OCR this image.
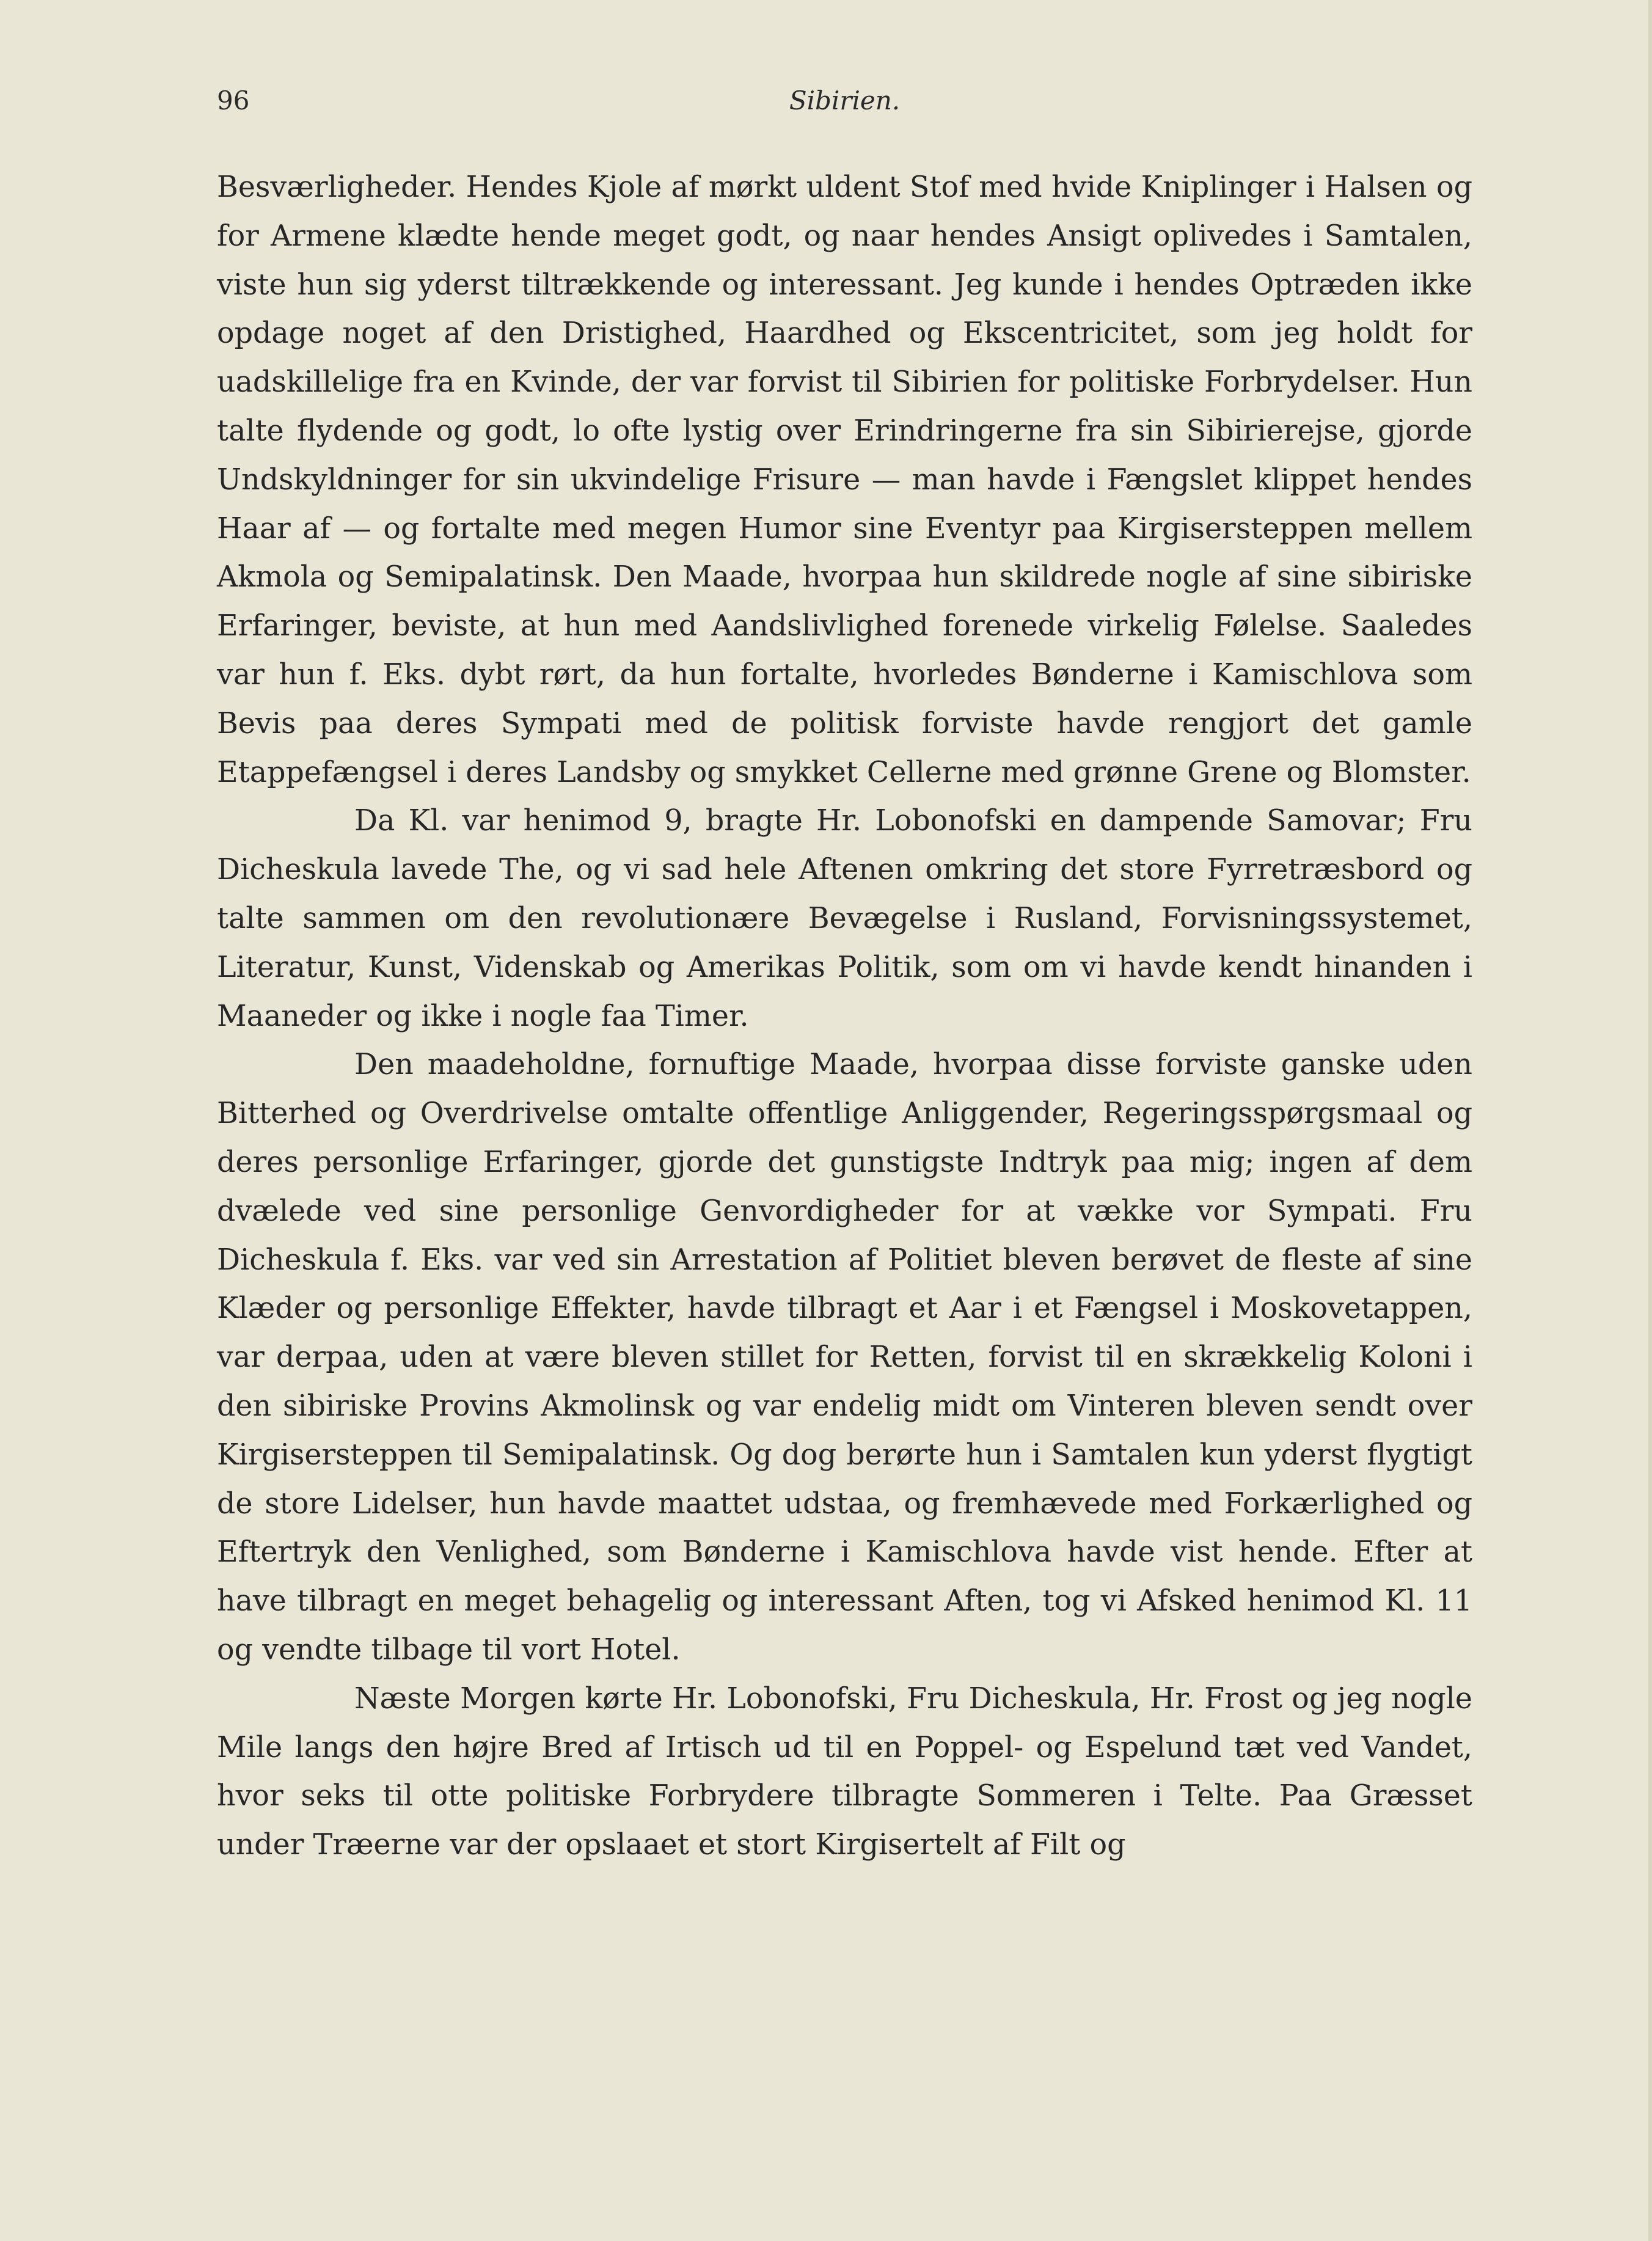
96	Sibirien.

Besværligheder. Hendes Kjole af mørkt uldent Stof med hvide Kniplinger i Halsen og for Armene klædte hende meget godt, og naar hendes Ansigt oplivedes i Samtalen, viste hun sig yderst tiltrækkende og interessant. Jeg kunde i hendes Optræden ikke opdage noget af den Dristighed, Haardhed og Ekscentricitet, som jeg holdt for uadskillelige fra en Kvinde, der var forvist til Sibirien for politiske Forbrydelser. Hun talte flydende og godt, lo ofte lystig over Erindringerne fra sin Sibirierejse, gjorde Undskyldninger for sin ukvindelige Frisure — man havde i Fængslet klippet hendes Haar af — og fortalte med megen Humor sine Eventyr paa Kirgisersteppen mellem Akmola og Semipalatinsk. Den Maade, hvorpaa hun skildrede nogle af sine sibiriske Erfaringer, beviste, at hun med Aandslivlighed forenede virkelig Følelse. Saaledes var hun f. Eks. dybt rørt, da hun fortalte, hvorledes Bønderne i Kamischlova som Bevis paa deres Sympati med de politisk forviste havde rengjort det gamle Etappefængsel i deres Landsby og smykket Cellerne med grønne Grene og Blomster.

Da Kl. var henimod 9, bragte Hr. Lobonofski en dampende Samovar; Fru Dicheskula lavede The, og vi sad hele Aftenen omkring det store Fyrretræsbord og talte sammen om den revolutionære Bevægelse i Rusland, Forvisningssystemet, Literatur, Kunst, Videnskab og Amerikas Politik, som om vi havde kendt hinanden i Maaneder og ikke i nogle faa Timer.

Den maadeholdne, fornuftige Maade, hvorpaa disse forviste ganske uden Bitterhed og Overdrivelse omtalte offentlige Anliggender, Regeringsspørgsmaal og deres personlige Erfaringer, gjorde det gunstigste Indtryk paa mig; ingen af dem dvælede ved sine personlige Genvordigheder for at vække vor Sympati. Fru Dicheskula f. Eks. var ved sin Arrestation af Politiet bleven berøvet de fleste af sine Klæder og personlige Effekter, havde tilbragt et Aar i et Fængsel i Moskovetappen, var derpaa, uden at være bleven stillet for Retten, forvist til en skrækkelig Koloni i den sibiriske Provins Akmolinsk og var endelig midt om Vinteren bleven sendt over Kirgisersteppen til Semipalatinsk. Og dog berørte hun i Samtalen kun yderst flygtigt de store Lidelser, hun havde maattet udstaa, og fremhævede med Forkærlighed og Eftertryk den Venlighed, som Bønderne i Kamischlova havde vist hende. Efter at have tilbragt en meget behagelig og interessant Aften, tog vi Afsked henimod Kl. 11 og vendte tilbage til vort Hotel.

Næste Morgen kørte Hr. Lobonofski, Fru Dicheskula, Hr. Frost og jeg nogle Mile langs den højre Bred af Irtisch ud til en Poppel- og Espelund tæt ved Vandet, hvor seks til otte politiske Forbrydere tilbragte Sommeren i Telte. Paa Græsset under Træerne var der opslaaet et stort Kirgisertelt af Filt og
